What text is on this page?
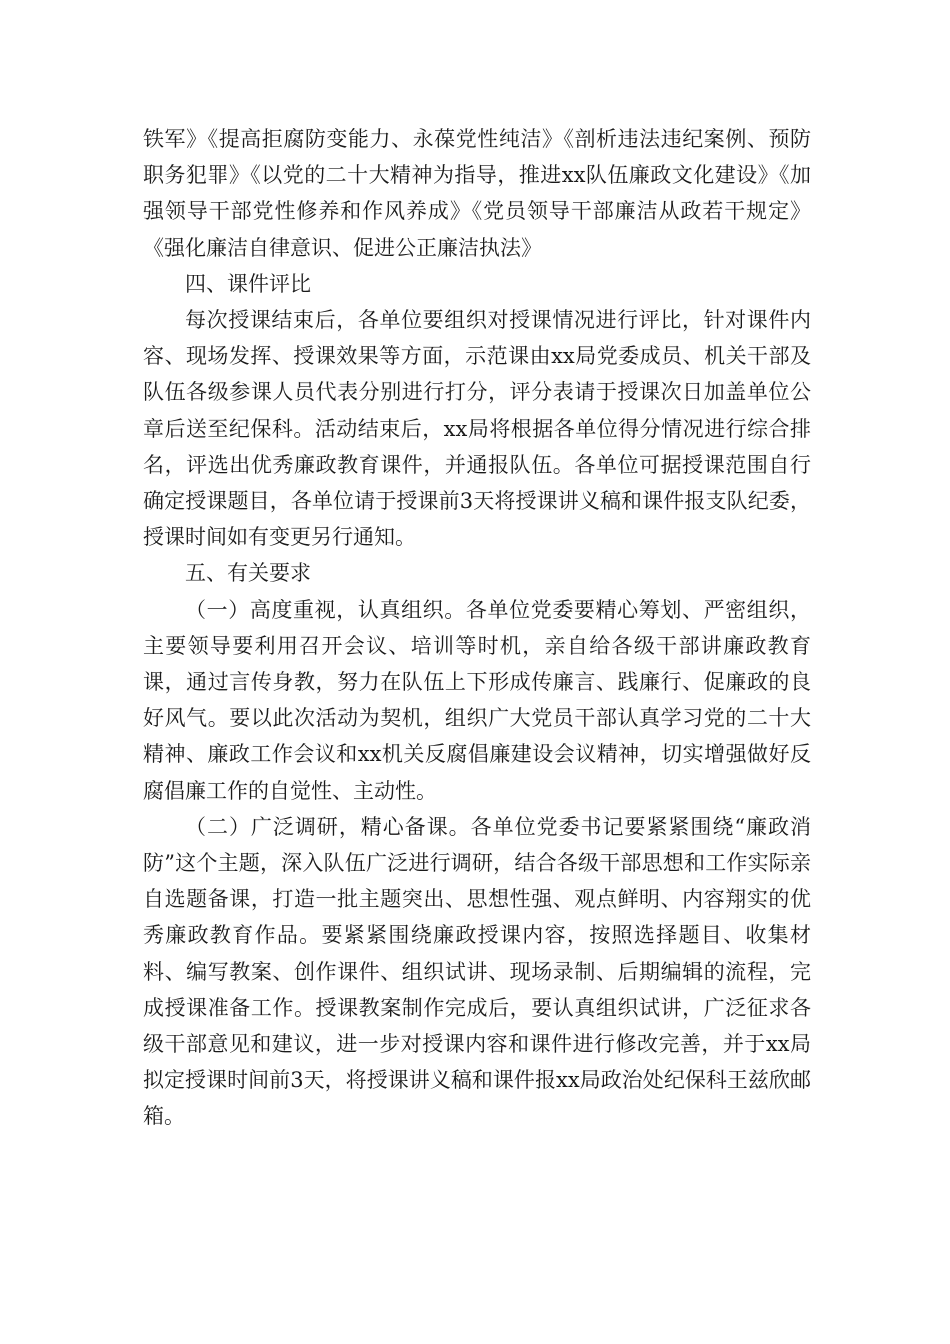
铁军》《提高拒腐防变能力、永葆党性纯洁》《剖析违法违纪案例、预防职务犯罪》《以党的二十大精神为指导，推进xx队伍廉政文化建设》《加强领导干部党性修养和作风养成》《党员领导干部廉洁从政若干规定》《强化廉洁自律意识、促进公正廉洁执法》

四、课件评比

每次授课结束后，各单位要组织对授课情况进行评比，针对课件内容、现场发挥、授课效果等方面，示范课由xx局党委成员、机关干部及队伍各级参课人员代表分别进行打分，评分表请于授课次日加盖单位公章后送至纪保科。活动结束后，xx局将根据各单位得分情况进行综合排名，评选出优秀廉政教育课件，并通报队伍。各单位可据授课范围自行确定授课题目，各单位请于授课前3天将授课讲义稿和课件报支队纪委，授课时间如有变更另行通知。

五、有关要求

（一）高度重视，认真组织。各单位党委要精心筹划、严密组织，主要领导要利用召开会议、培训等时机，亲自给各级干部讲廉政教育课，通过言传身教，努力在队伍上下形成传廉言、践廉行、促廉政的良好风气。要以此次活动为契机，组织广大党员干部认真学习党的二十大精神、廉政工作会议和xx机关反腐倡廉建设会议精神，切实增强做好反腐倡廉工作的自觉性、主动性。

（二）广泛调研，精心备课。各单位党委书记要紧紧围绕“廉政消防”这个主题，深入队伍广泛进行调研，结合各级干部思想和工作实际亲自选题备课，打造一批主题突出、思想性强、观点鲜明、内容翔实的优秀廉政教育作品。要紧紧围绕廉政授课内容，按照选择题目、收集材料、编写教案、创作课件、组织试讲、现场录制、后期编辑的流程，完成授课准备工作。授课教案制作完成后，要认真组织试讲，广泛征求各级干部意见和建议，进一步对授课内容和课件进行修改完善，并于xx局拟定授课时间前3天，将授课讲义稿和课件报xx局政治处纪保科王兹欣邮箱。
